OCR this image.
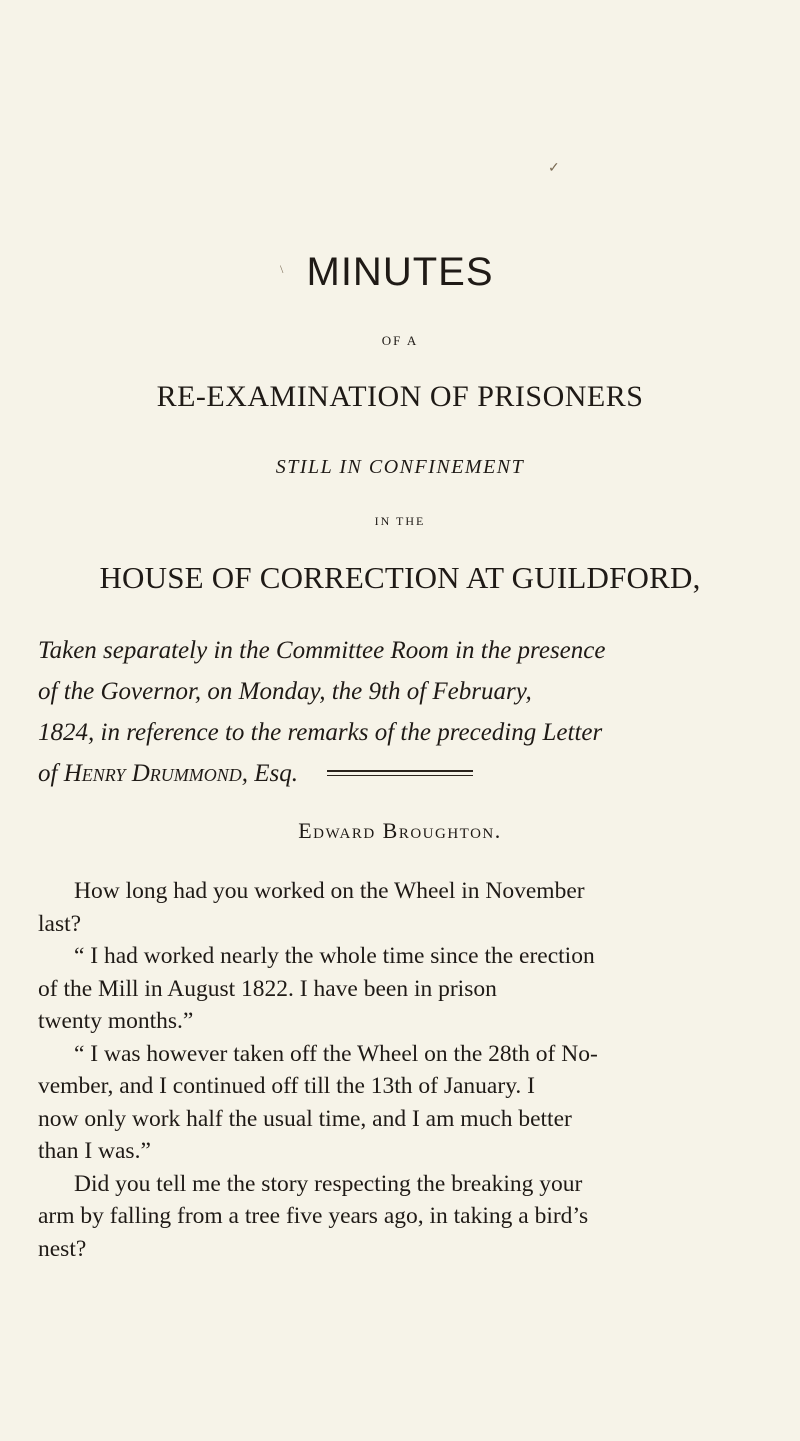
✓
\ MINUTES
OF A
RE-EXAMINATION OF PRISONERS
STILL IN CONFINEMENT
IN THE
HOUSE OF CORRECTION AT GUILDFORD,

Taken separately in the Committee Room in the presence

of the Governor, on Monday, the 9th of February,

1824, in reference to the remarks of the preceding Letter

of Henry Drummond, Esq.

Edward Broughton.
How long had you worked on the Wheel in November
last?
“ I had worked nearly the whole time since the erection
of the Mill in August 1822. I have been in prison
twenty months.”
“ I was however taken off the Wheel on the 28th of No-
vember, and I continued off till the 13th of January. I
now only work half the usual time, and I am much better
than I was.”
Did you tell me the story respecting the breaking your
arm by falling from a tree five years ago, in taking a bird’s
nest?
